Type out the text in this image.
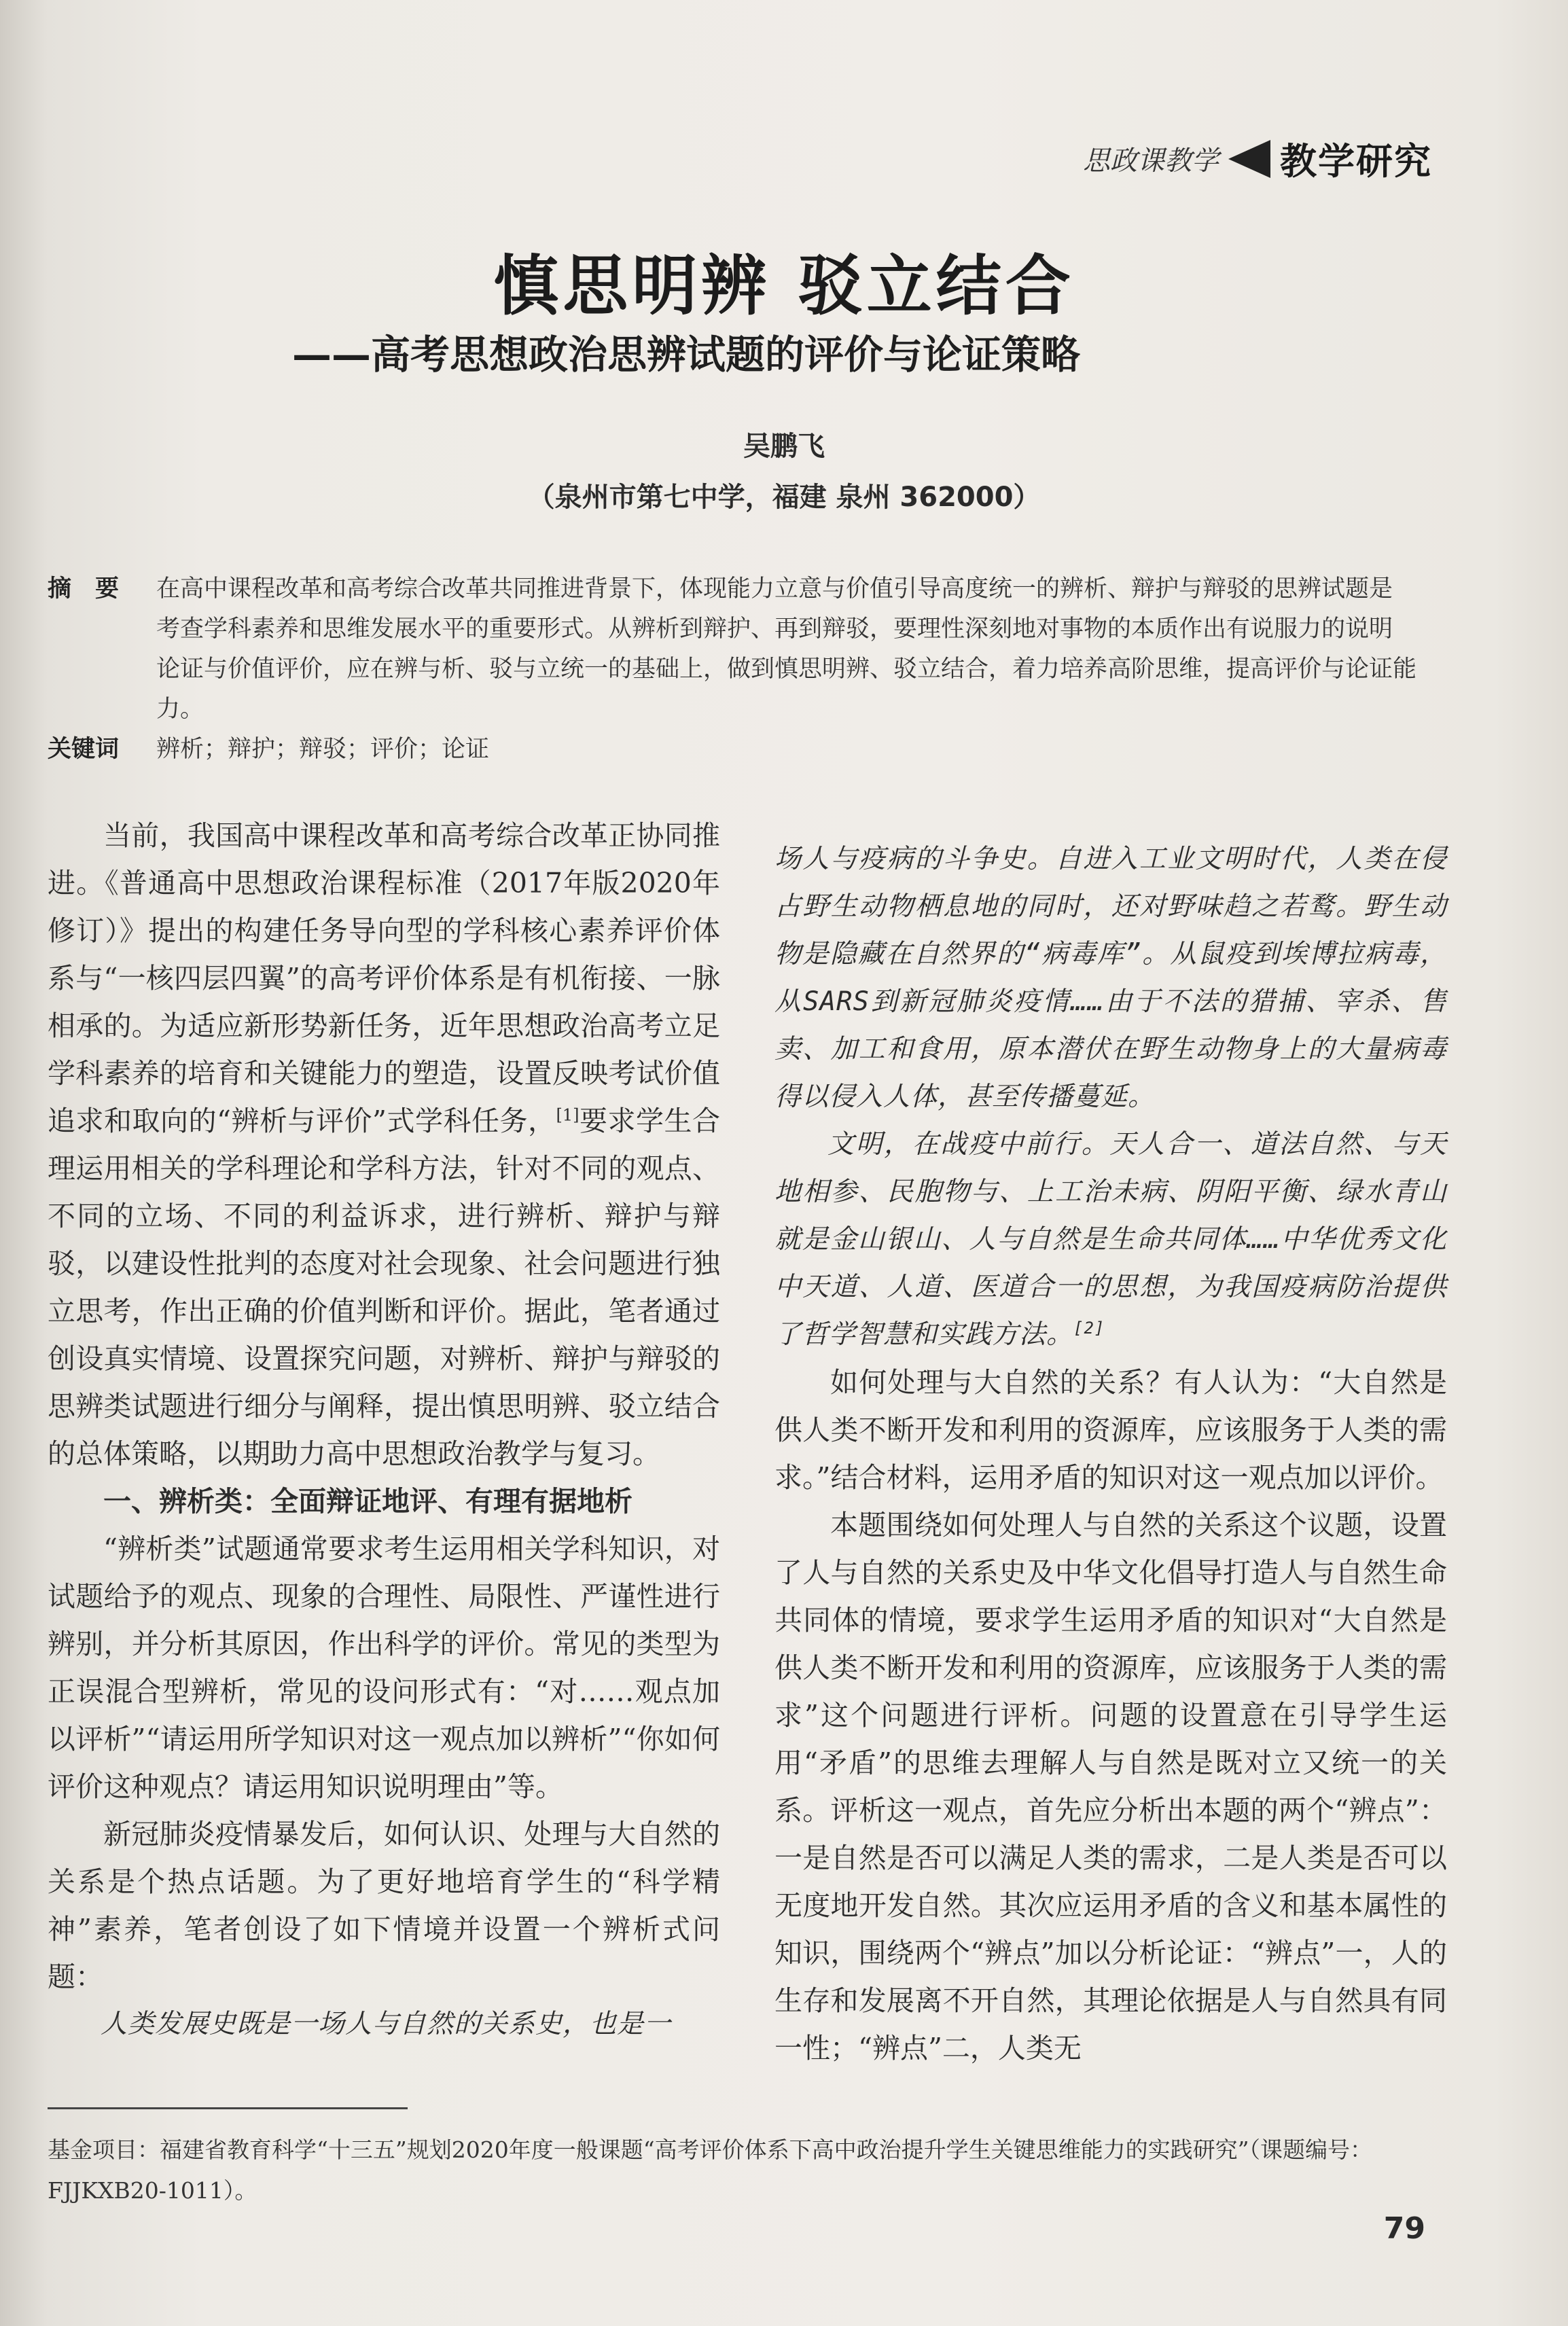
思政课教学 教学研究
慎思明辨 驳立结合
——高考思想政治思辨试题的评价与论证策略
吴鹏飞
（泉州市第七中学，福建 泉州 362000）
摘　要	在高中课程改革和高考综合改革共同推进背景下，体现能力立意与价值引导高度统一的辨析、辩护与辩驳的思辨试题是
考查学科素养和思维发展水平的重要形式。从辨析到辩护、再到辩驳，要理性深刻地对事物的本质作出有说服力的说明
论证与价值评价，应在辨与析、驳与立统一的基础上，做到慎思明辨、驳立结合，着力培养高阶思维，提高评价与论证能力。
关键词	辨析；辩护；辩驳；评价；论证

当前，我国高中课程改革和高考综合改革正协同推进。《普通高中思想政治课程标准（2017年版2020年修订）》提出的构建任务导向型的学科核心素养评价体系与“一核四层四翼”的高考评价体系是有机衔接、一脉相承的。为适应新形势新任务，近年思想政治高考立足学科素养的培育和关键能力的塑造，设置反映考试价值追求和取向的“辨析与评价”式学科任务，[1]要求学生合理运用相关的学科理论和学科方法，针对不同的观点、不同的立场、不同的利益诉求，进行辨析、辩护与辩驳，以建设性批判的态度对社会现象、社会问题进行独立思考，作出正确的价值判断和评价。据此，笔者通过创设真实情境、设置探究问题，对辨析、辩护与辩驳的思辨类试题进行细分与阐释，提出慎思明辨、驳立结合的总体策略，以期助力高中思想政治教学与复习。

一、辨析类：全面辩证地评、有理有据地析

“辨析类”试题通常要求考生运用相关学科知识，对试题给予的观点、现象的合理性、局限性、严谨性进行辨别，并分析其原因，作出科学的评价。常见的类型为正误混合型辨析，常见的设问形式有：“对……观点加以评析”“请运用所学知识对这一观点加以辨析”“你如何评价这种观点？请运用知识说明理由”等。

新冠肺炎疫情暴发后，如何认识、处理与大自然的关系是个热点话题。为了更好地培育学生的“科学精神”素养，笔者创设了如下情境并设置一个辨析式问题：

人类发展史既是一场人与自然的关系史，也是一

场人与疫病的斗争史。自进入工业文明时代，人类在侵占野生动物栖息地的同时，还对野味趋之若鹜。野生动物是隐藏在自然界的“病毒库”。从鼠疫到埃博拉病毒，从SARS到新冠肺炎疫情……由于不法的猎捕、宰杀、售卖、加工和食用，原本潜伏在野生动物身上的大量病毒得以侵入人体，甚至传播蔓延。

文明，在战疫中前行。天人合一、道法自然、与天地相参、民胞物与、上工治未病、阴阳平衡、绿水青山就是金山银山、人与自然是生命共同体……中华优秀文化中天道、人道、医道合一的思想，为我国疫病防治提供了哲学智慧和实践方法。[2]

如何处理与大自然的关系？有人认为：“大自然是供人类不断开发和利用的资源库，应该服务于人类的需求。”结合材料，运用矛盾的知识对这一观点加以评价。

本题围绕如何处理人与自然的关系这个议题，设置了人与自然的关系史及中华文化倡导打造人与自然生命共同体的情境，要求学生运用矛盾的知识对“大自然是供人类不断开发和利用的资源库，应该服务于人类的需求”这个问题进行评析。问题的设置意在引导学生运用“矛盾”的思维去理解人与自然是既对立又统一的关系。评析这一观点，首先应分析出本题的两个“辨点”：一是自然是否可以满足人类的需求，二是人类是否可以无度地开发自然。其次应运用矛盾的含义和基本属性的知识，围绕两个“辨点”加以分析论证：“辨点”一，人的生存和发展离不开自然，其理论依据是人与自然具有同一性；“辨点”二，人类无

基金项目：福建省教育科学“十三五”规划2020年度一般课题“高考评价体系下高中政治提升学生关键思维能力的实践研究”（课题编号：FJJKXB20-1011）。
79
